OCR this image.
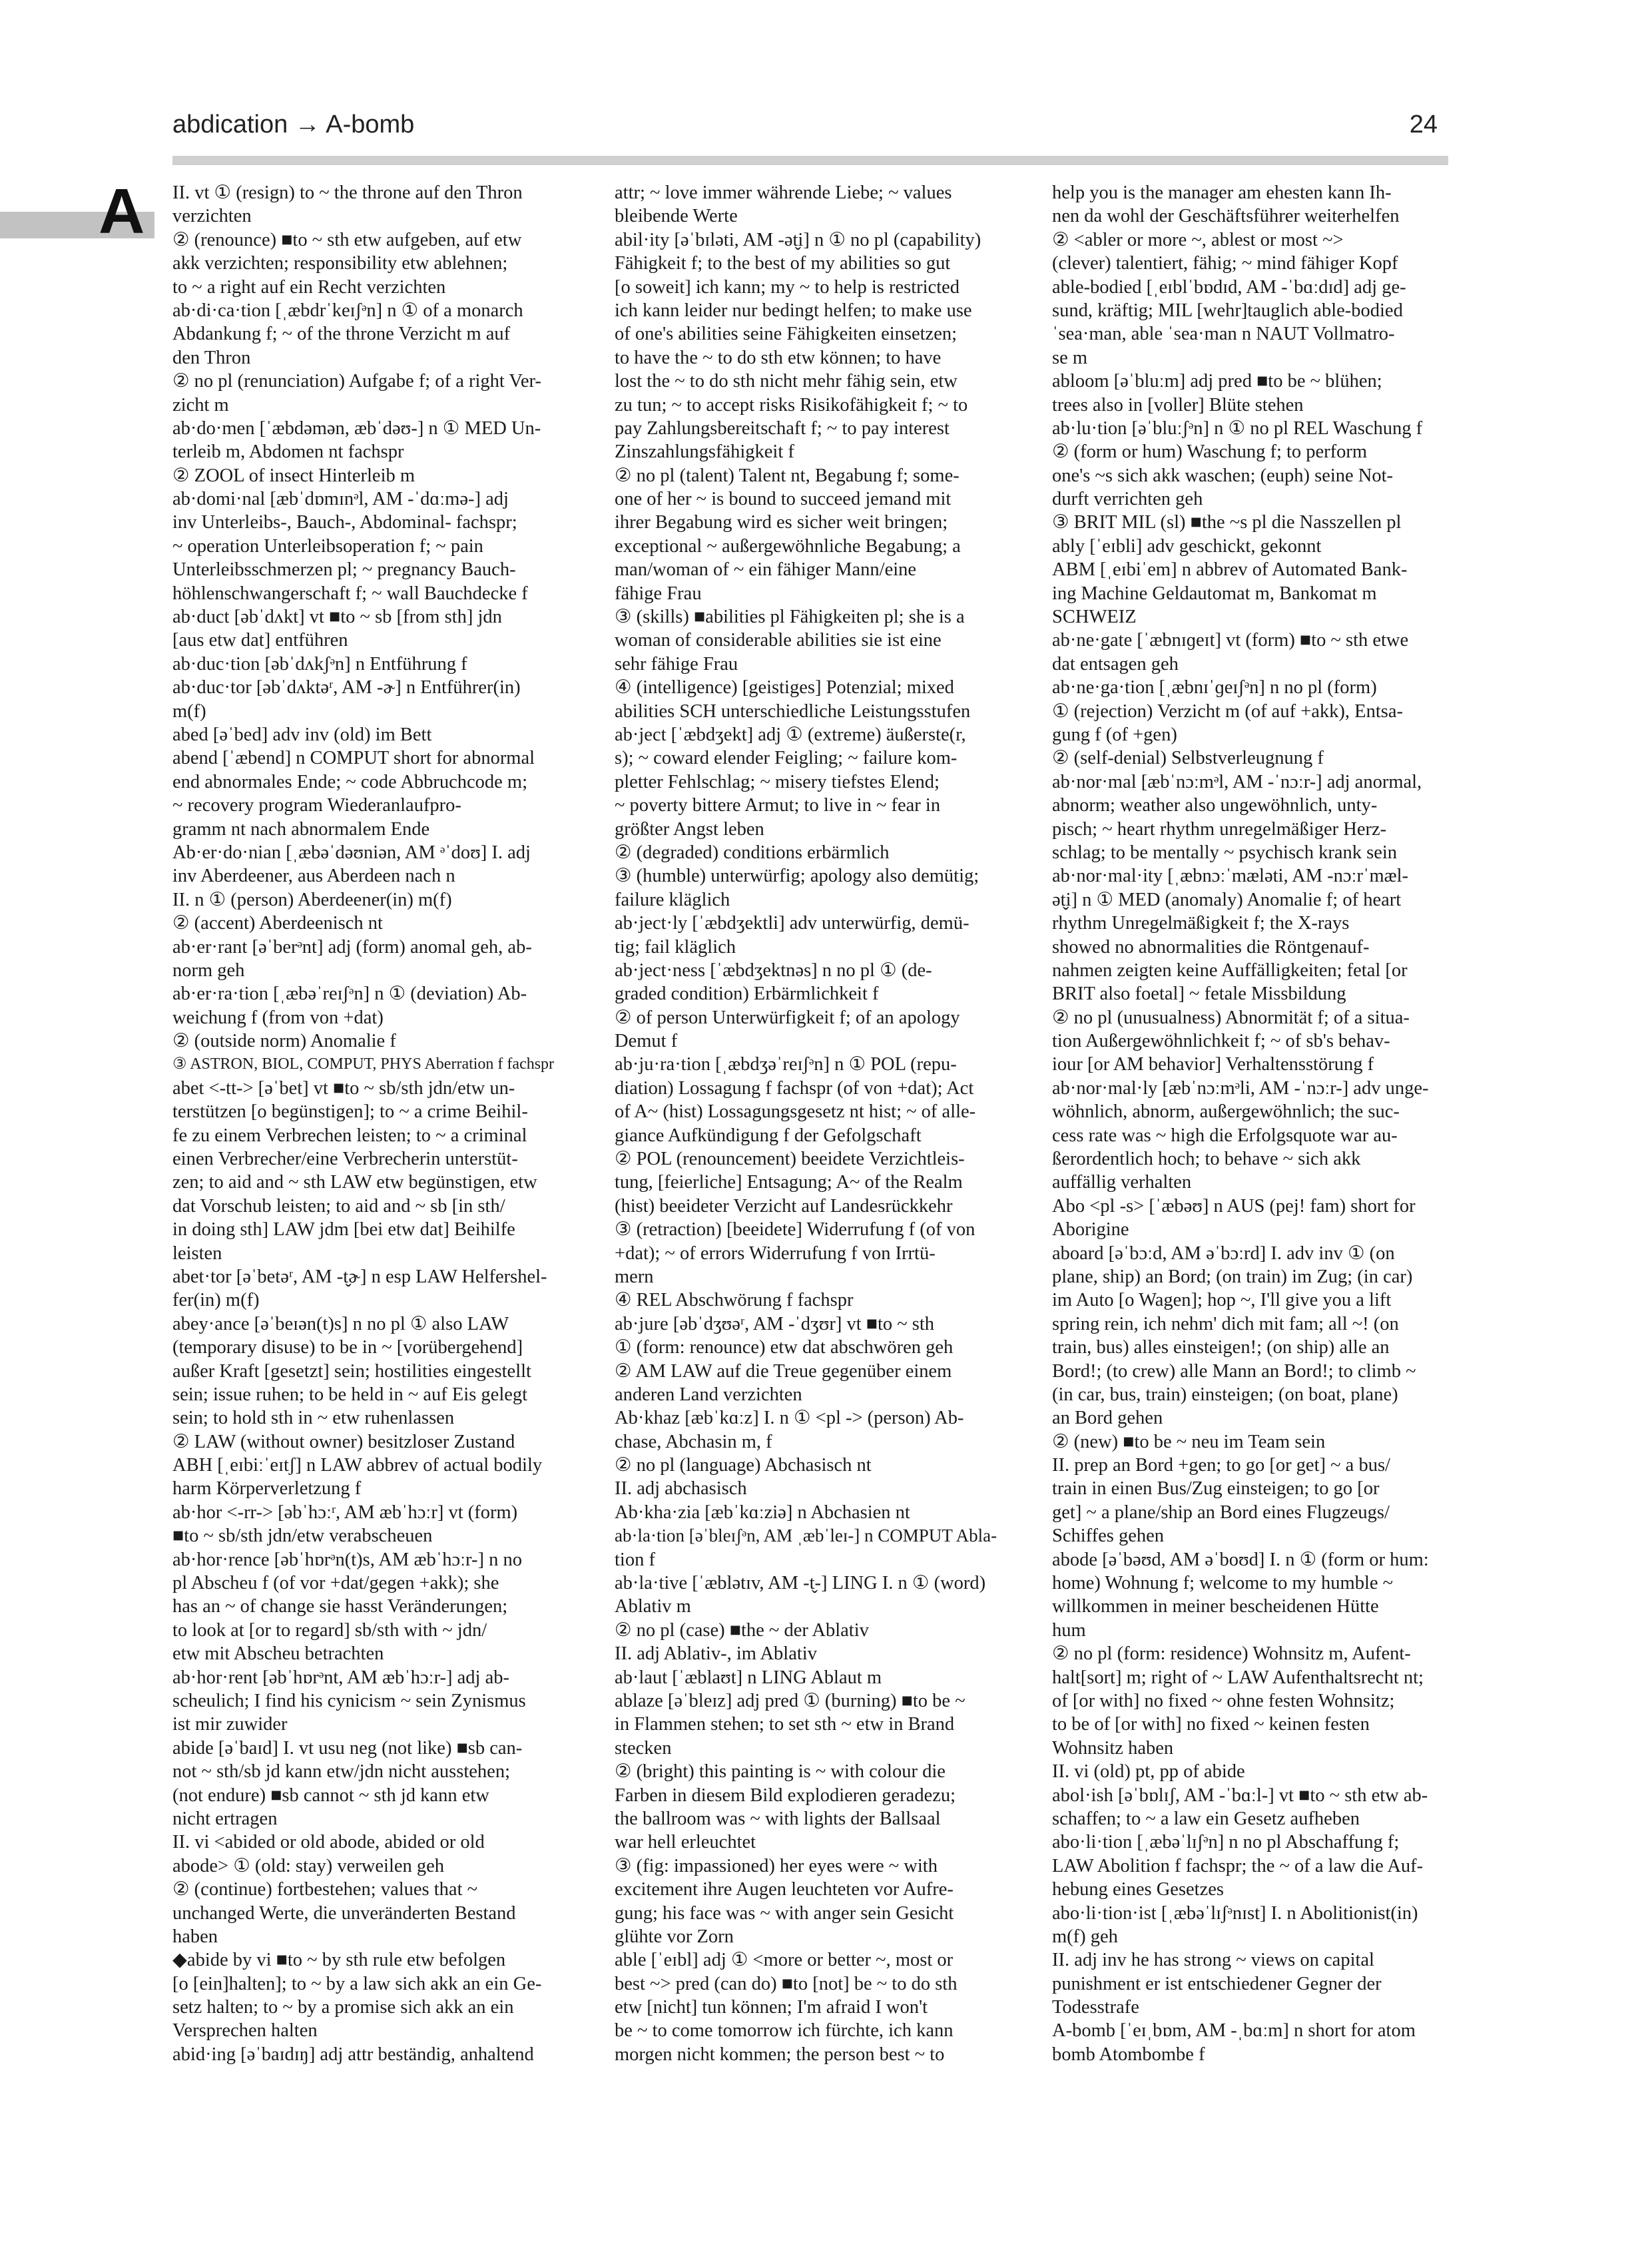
abdication → A-bomb	24
A II. vt ① (resign) to ~ the throne auf den Thron
verzichten
② (renounce) ■to ~ sth etw aufgeben, auf etw
akk verzichten; responsibility etw ablehnen;
to ~ a right auf ein Recht verzichten
ab·di·ca·tion [ˌæbdrˈkeɪʃᵊn] n ① of a monarch
Abdankung f; ~ of the throne Verzicht m auf
den Thron
② no pl (renunciation) Aufgabe f; of a right Ver-
zicht m
ab·do·men [ˈæbdəmən, æbˈdəʊ-] n ① MED Un-
terleib m, Abdomen nt fachspr
② ZOOL of insect Hinterleib m
ab·domi·nal [æbˈdɒmɪnᵊl, AM -ˈdɑːmə-] adj
inv Unterleibs-, Bauch-, Abdominal- fachspr;
~ operation Unterleibsoperation f; ~ pain
Unterleibsschmerzen pl; ~ pregnancy Bauch-
höhlenschwangerschaft f; ~ wall Bauchdecke f
ab·duct [əbˈdʌkt] vt ■to ~ sb [from sth] jdn
[aus etw dat] entführen
ab·duc·tion [əbˈdʌkʃᵊn] n Entführung f
ab·duc·tor [əbˈdʌktəʳ, AM -ɚ] n Entführer(in)
m(f)
abed [əˈbed] adv inv (old) im Bett
abend [ˈæbend] n COMPUT short for abnormal
end abnormales Ende; ~ code Abbruchcode m;
~ recovery program Wiederanlaufpro-
gramm nt nach abnormalem Ende
Ab·er·do·nian [ˌæbəˈdəʊniən, AM ᵊˈdoʊ] I. adj
inv Aberdeener, aus Aberdeen nach n
II. n ① (person) Aberdeener(in) m(f)
② (accent) Aberdeenisch nt
ab·er·rant [əˈberᵊnt] adj (form) anomal geh, ab-
norm geh
ab·er·ra·tion [ˌæbəˈreɪʃᵊn] n ① (deviation) Ab-
weichung f (from von +dat)
② (outside norm) Anomalie f
③ ASTRON, BIOL, COMPUT, PHYS Aberration f fachspr
abet <-tt-> [əˈbet] vt ■to ~ sb/sth jdn/etw un-
terstützen [o begünstigen]; to ~ a crime Beihil-
fe zu einem Verbrechen leisten; to ~ a criminal
einen Verbrecher/eine Verbrecherin unterstüt-
zen; to aid and ~ sth LAW etw begünstigen, etw
dat Vorschub leisten; to aid and ~ sb [in sth/
in doing sth] LAW jdm [bei etw dat] Beihilfe
leisten
abet·tor [əˈbetəʳ, AM -t̬ɚ] n esp LAW Helfershel-
fer(in) m(f)
abey·ance [əˈbeɪən(t)s] n no pl ① also LAW
(temporary disuse) to be in ~ [vorübergehend]
außer Kraft [gesetzt] sein; hostilities eingestellt
sein; issue ruhen; to be held in ~ auf Eis gelegt
sein; to hold sth in ~ etw ruhenlassen
② LAW (without owner) besitzloser Zustand
ABH [ˌeɪbiːˈeɪtʃ] n LAW abbrev of actual bodily
harm Körperverletzung f
ab·hor <-rr-> [əbˈhɔːʳ, AM æbˈhɔːr] vt (form)
■to ~ sb/sth jdn/etw verabscheuen
ab·hor·rence [əbˈhɒrᵊn(t)s, AM æbˈhɔːr-] n no
pl Abscheu f (of vor +dat/gegen +akk); she
has an ~ of change sie hasst Veränderungen;
to look at [or to regard] sb/sth with ~ jdn/
etw mit Abscheu betrachten
ab·hor·rent [əbˈhɒrᵊnt, AM æbˈhɔːr-] adj ab-
scheulich; I find his cynicism ~ sein Zynismus
ist mir zuwider
abide [əˈbaɪd] I. vt usu neg (not like) ■sb can-
not ~ sth/sb jd kann etw/jdn nicht ausstehen;
(not endure) ■sb cannot ~ sth jd kann etw
nicht ertragen
II. vi <abided or old abode, abided or old
abode> ① (old: stay) verweilen geh
② (continue) fortbestehen; values that ~
unchanged Werte, die unveränderten Bestand
haben
◆abide by vi ■to ~ by sth rule etw befolgen
[o [ein]halten]; to ~ by a law sich akk an ein Ge-
setz halten; to ~ by a promise sich akk an ein
Versprechen halten
abid·ing [əˈbaɪdɪŋ] adj attr beständig, anhaltend
attr; ~ love immer währende Liebe; ~ values
bleibende Werte
abil·ity [əˈbɪləti, AM -ət̬i] n ① no pl (capability)
Fähigkeit f; to the best of my abilities so gut
[o soweit] ich kann; my ~ to help is restricted
ich kann leider nur bedingt helfen; to make use
of one's abilities seine Fähigkeiten einsetzen;
to have the ~ to do sth etw können; to have
lost the ~ to do sth nicht mehr fähig sein, etw
zu tun; ~ to accept risks Risikofähigkeit f; ~ to
pay Zahlungsbereitschaft f; ~ to pay interest
Zinszahlungsfähigkeit f
② no pl (talent) Talent nt, Begabung f; some-
one of her ~ is bound to succeed jemand mit
ihrer Begabung wird es sicher weit bringen;
exceptional ~ außergewöhnliche Begabung; a
man/woman of ~ ein fähiger Mann/eine
fähige Frau
③ (skills) ■abilities pl Fähigkeiten pl; she is a
woman of considerable abilities sie ist eine
sehr fähige Frau
④ (intelligence) [geistiges] Potenzial; mixed
abilities SCH unterschiedliche Leistungsstufen
ab·ject [ˈæbdʒekt] adj ① (extreme) äußerste(r,
s); ~ coward elender Feigling; ~ failure kom-
pletter Fehlschlag; ~ misery tiefstes Elend;
~ poverty bittere Armut; to live in ~ fear in
größter Angst leben
② (degraded) conditions erbärmlich
③ (humble) unterwürfig; apology also demütig;
failure kläglich
ab·ject·ly [ˈæbdʒektli] adv unterwürfig, demü-
tig; fail kläglich
ab·ject·ness [ˈæbdʒektnəs] n no pl ① (de-
graded condition) Erbärmlichkeit f
② of person Unterwürfigkeit f; of an apology
Demut f
ab·ju·ra·tion [ˌæbdʒəˈreɪʃᵊn] n ① POL (repu-
diation) Lossagung f fachspr (of von +dat); Act
of A~ (hist) Lossagungsgesetz nt hist; ~ of alle-
giance Aufkündigung f der Gefolgschaft
② POL (renouncement) beeidete Verzichtleis-
tung, [feierliche] Entsagung; A~ of the Realm
(hist) beeideter Verzicht auf Landesrückkehr
③ (retraction) [beeidete] Widerrufung f (of von
+dat); ~ of errors Widerrufung f von Irrtü-
mern
④ REL Abschwörung f fachspr
ab·jure [əbˈdʒʊəʳ, AM -ˈdʒʊr] vt ■to ~ sth
① (form: renounce) etw dat abschwören geh
② AM LAW auf die Treue gegenüber einem
anderen Land verzichten
Ab·khaz [æbˈkɑːz] I. n ① <pl -> (person) Ab-
chase, Abchasin m, f
② no pl (language) Abchasisch nt
II. adj abchasisch
Ab·kha·zia [æbˈkɑːziə] n Abchasien nt
ab·la·tion [əˈbleɪʃᵊn, AM ˌæbˈleɪ-] n COMPUT Abla-
tion f
ab·la·tive [ˈæblətɪv, AM -t̬-] LING I. n ① (word)
Ablativ m
② no pl (case) ■the ~ der Ablativ
II. adj Ablativ-, im Ablativ
ab·laut [ˈæblaʊt] n LING Ablaut m
ablaze [əˈbleɪz] adj pred ① (burning) ■to be ~
in Flammen stehen; to set sth ~ etw in Brand
stecken
② (bright) this painting is ~ with colour die
Farben in diesem Bild explodieren geradezu;
the ballroom was ~ with lights der Ballsaal
war hell erleuchtet
③ (fig: impassioned) her eyes were ~ with
excitement ihre Augen leuchteten vor Aufre-
gung; his face was ~ with anger sein Gesicht
glühte vor Zorn
able [ˈeɪbl] adj ① <more or better ~, most or
best ~> pred (can do) ■to [not] be ~ to do sth
etw [nicht] tun können; I'm afraid I won't
be ~ to come tomorrow ich fürchte, ich kann
morgen nicht kommen; the person best ~ to
help you is the manager am ehesten kann Ih-
nen da wohl der Geschäftsführer weiterhelfen
② <abler or more ~, ablest or most ~>
(clever) talentiert, fähig; ~ mind fähiger Kopf
able-bodied [ˌeɪblˈbɒdɪd, AM -ˈbɑːdɪd] adj ge-
sund, kräftig; MIL [wehr]tauglich able-bodied
ˈsea·man, able ˈsea·man n NAUT Vollmatro-
se m
abloom [əˈbluːm] adj pred ■to be ~ blühen;
trees also in [voller] Blüte stehen
ab·lu·tion [əˈbluːʃᵊn] n ① no pl REL Waschung f
② (form or hum) Waschung f; to perform
one's ~s sich akk waschen; (euph) seine Not-
durft verrichten geh
③ BRIT MIL (sl) ■the ~s pl die Nasszellen pl
ably [ˈeɪbli] adv geschickt, gekonnt
ABM [ˌeɪbiˈem] n abbrev of Automated Bank-
ing Machine Geldautomat m, Bankomat m
SCHWEIZ
ab·ne·gate [ˈæbnɪɡeɪt] vt (form) ■to ~ sth etwe
dat entsagen geh
ab·ne·ga·tion [ˌæbnɪˈɡeɪʃᵊn] n no pl (form)
① (rejection) Verzicht m (of auf +akk), Entsa-
gung f (of +gen)
② (self-denial) Selbstverleugnung f
ab·nor·mal [æbˈnɔːmᵊl, AM -ˈnɔːr-] adj anormal,
abnorm; weather also ungewöhnlich, unty-
pisch; ~ heart rhythm unregelmäßiger Herz-
schlag; to be mentally ~ psychisch krank sein
ab·nor·mal·ity [ˌæbnɔːˈmæləti, AM -nɔːrˈmæl-
ət̬i] n ① MED (anomaly) Anomalie f; of heart
rhythm Unregelmäßigkeit f; the X-rays
showed no abnormalities die Röntgenauf-
nahmen zeigten keine Auffälligkeiten; fetal [or
BRIT also foetal] ~ fetale Missbildung
② no pl (unusualness) Abnormität f; of a situa-
tion Außergewöhnlichkeit f; ~ of sb's behav-
iour [or AM behavior] Verhaltensstörung f
ab·nor·mal·ly [æbˈnɔːmᵊli, AM -ˈnɔːr-] adv unge-
wöhnlich, abnorm, außergewöhnlich; the suc-
cess rate was ~ high die Erfolgsquote war au-
ßerordentlich hoch; to behave ~ sich akk
auffällig verhalten
Abo <pl -s> [ˈæbəʊ] n AUS (pej! fam) short for
Aborigine
aboard [əˈbɔːd, AM əˈbɔːrd] I. adv inv ① (on
plane, ship) an Bord; (on train) im Zug; (in car)
im Auto [o Wagen]; hop ~, I'll give you a lift
spring rein, ich nehm' dich mit fam; all ~! (on
train, bus) alles einsteigen!; (on ship) alle an
Bord!; (to crew) alle Mann an Bord!; to climb ~
(in car, bus, train) einsteigen; (on boat, plane)
an Bord gehen
② (new) ■to be ~ neu im Team sein
II. prep an Bord +gen; to go [or get] ~ a bus/
train in einen Bus/Zug einsteigen; to go [or
get] ~ a plane/ship an Bord eines Flugzeugs/
Schiffes gehen
abode [əˈbəʊd, AM əˈboʊd] I. n ① (form or hum:
home) Wohnung f; welcome to my humble ~
willkommen in meiner bescheidenen Hütte
hum
② no pl (form: residence) Wohnsitz m, Aufent-
halt[sort] m; right of ~ LAW Aufenthaltsrecht nt;
of [or with] no fixed ~ ohne festen Wohnsitz;
to be of [or with] no fixed ~ keinen festen
Wohnsitz haben
II. vi (old) pt, pp of abide
abol·ish [əˈbɒlɪʃ, AM -ˈbɑːl-] vt ■to ~ sth etw ab-
schaffen; to ~ a law ein Gesetz aufheben
abo·li·tion [ˌæbəˈlɪʃᵊn] n no pl Abschaffung f;
LAW Abolition f fachspr; the ~ of a law die Auf-
hebung eines Gesetzes
abo·li·tion·ist [ˌæbəˈlɪʃᵊnɪst] I. n Abolitionist(in)
m(f) geh
II. adj inv he has strong ~ views on capital
punishment er ist entschiedener Gegner der
Todesstrafe
A-bomb [ˈeɪˌbɒm, AM -ˌbɑːm] n short for atom
bomb Atombombe f
